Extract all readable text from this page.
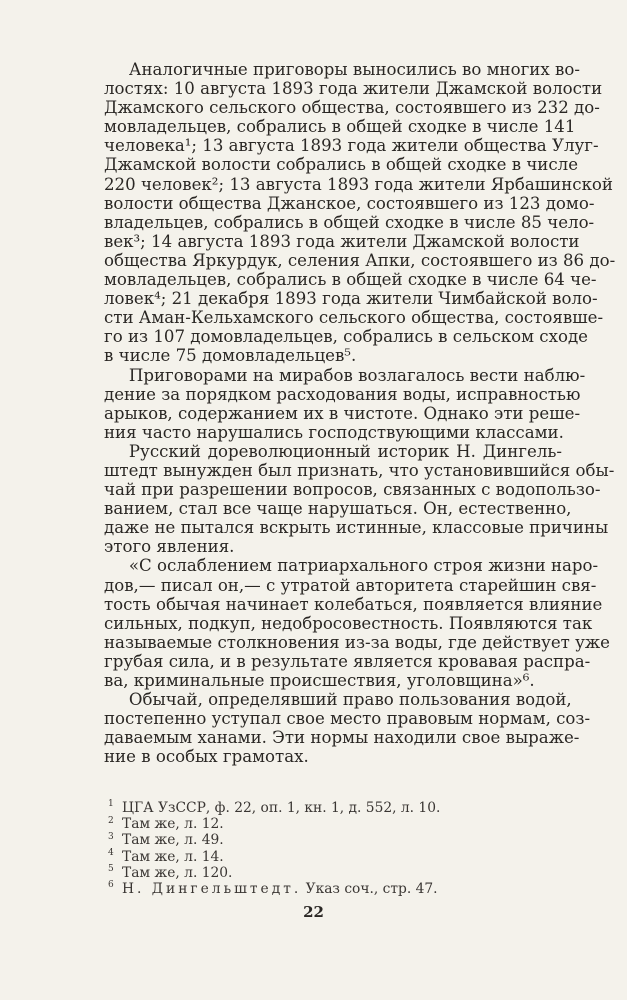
  Аналогичные приговоры выносились во многих во-
лостях: 10 августа 1893 года жители Джамской волости
Джамского сельского общества, состоявшего из 232 до-
мовладельцев, собрались в общей сходке в числе 141
человека¹; 13 августа 1893 года жители общества Улуг-
Джамской волости собрались в общей сходке в числе
220 человек²; 13 августа 1893 года жители Ярбашинской
волости общества Джанское, состоявшего из 123 домо-
владельцев, собрались в общей сходке в числе 85 чело-
век³; 14 августа 1893 года жители Джамской волости
общества Яркурдук, селения Апки, состоявшего из 86 до-
мовладельцев, собрались в общей сходке в числе 64 че-
ловек⁴; 21 декабря 1893 года жители Чимбайской воло-
сти Аман-Кельхамского сельского общества, состоявше-
го из 107 домовладельцев, собрались в сельском сходе
в числе 75 домовладельцев⁵.
  Приговорами на мирабов возлагалось вести наблю-
дение за порядком расходования воды, исправностью
арыков, содержанием их в чистоте. Однако эти реше-
ния часто нарушались господствующими классами.
  Русский дореволюционный историк Н. Дингель-
штедт вынужден был признать, что установившийся обы-
чай при разрешении вопросов, связанных с водопользо-
ванием, стал все чаще нарушаться. Он, естественно,
даже не пытался вскрыть истинные, классовые причины
этого явления.
  «С ослаблением патриархального строя жизни наро-
дов,— писал он,— с утратой авторитета старейшин свя-
тость обычая начинает колебаться, появляется влияние
сильных, подкуп, недобросовестность. Появляются так
называемые столкновения из-за воды, где действует уже
грубая сила, и в результате является кровавая распра-
ва, криминальные происшествия, уголовщина»⁶.
  Обычай, определявший право пользования водой,
постепенно уступал свое место правовым нормам, соз-
даваемым ханами. Эти нормы находили свое выраже-
ние в особых грамотах.
1 ЦГА УзССР, ф. 22, оп. 1, кн. 1, д. 552, л. 10.
2 Там же, л. 12.
3 Там же, л. 49.
4 Там же, л. 14.
5 Там же, л. 120.
6 Н. Дингельштедт. Указ соч., стр. 47.
22
